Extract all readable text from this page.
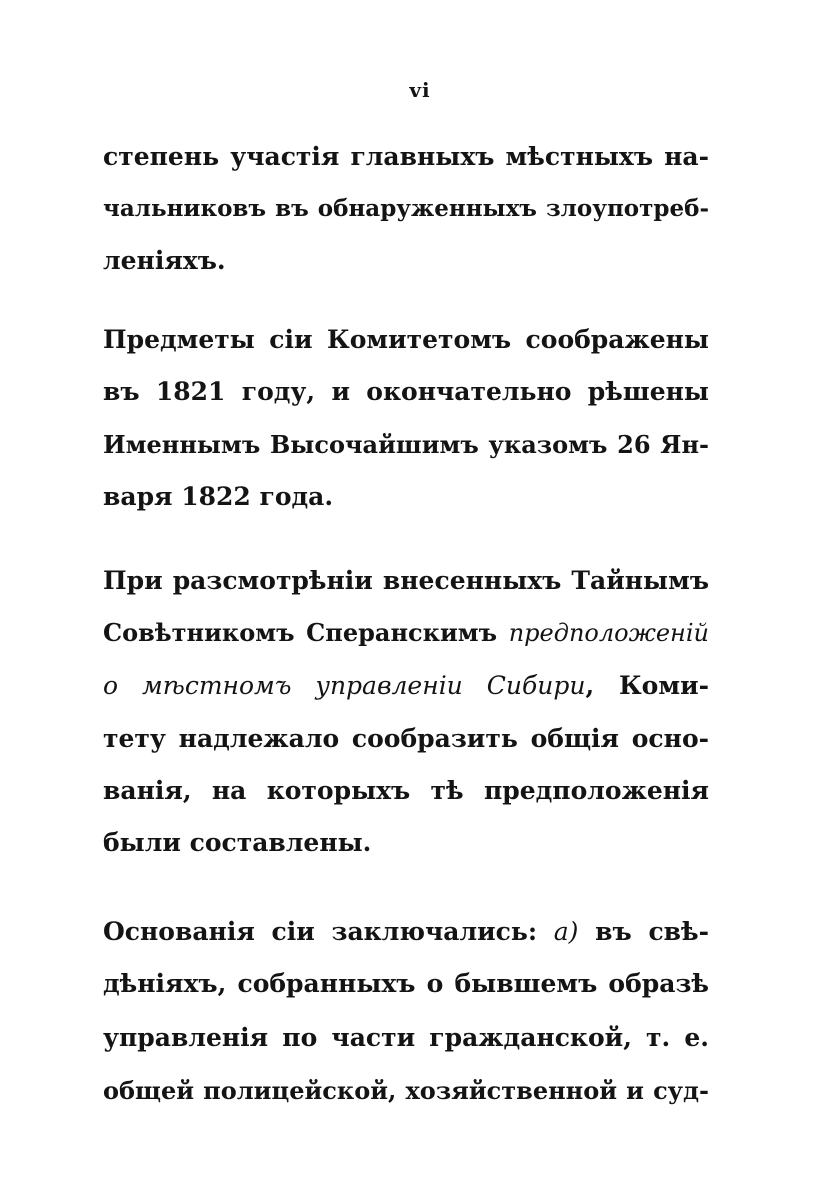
vi
степень участія главныхъ мѣстныхъ на-
чальниковъ въ обнаруженныхъ злоупотреб-
леніяхъ.
Предметы сіи Комитетомъ соображены
въ 1821 году, и окончательно рѣшены
Именнымъ Высочайшимъ указомъ 26 Ян-
варя 1822 года.
При разсмотрѣніи внесенныхъ Тайнымъ
Совѣтникомъ Сперанскимъ предположеній
о мѣстномъ управленіи Сибири, Коми-
тету надлежало сообразить общія осно-
ванія, на которыхъ тѣ предположенія
были составлены.
Основанія сіи заключались: а) въ свѣ-
дѣніяхъ, собранныхъ о бывшемъ образѣ
управленія по части гражданской, т. е.
общей полицейской, хозяйственной и суд-
